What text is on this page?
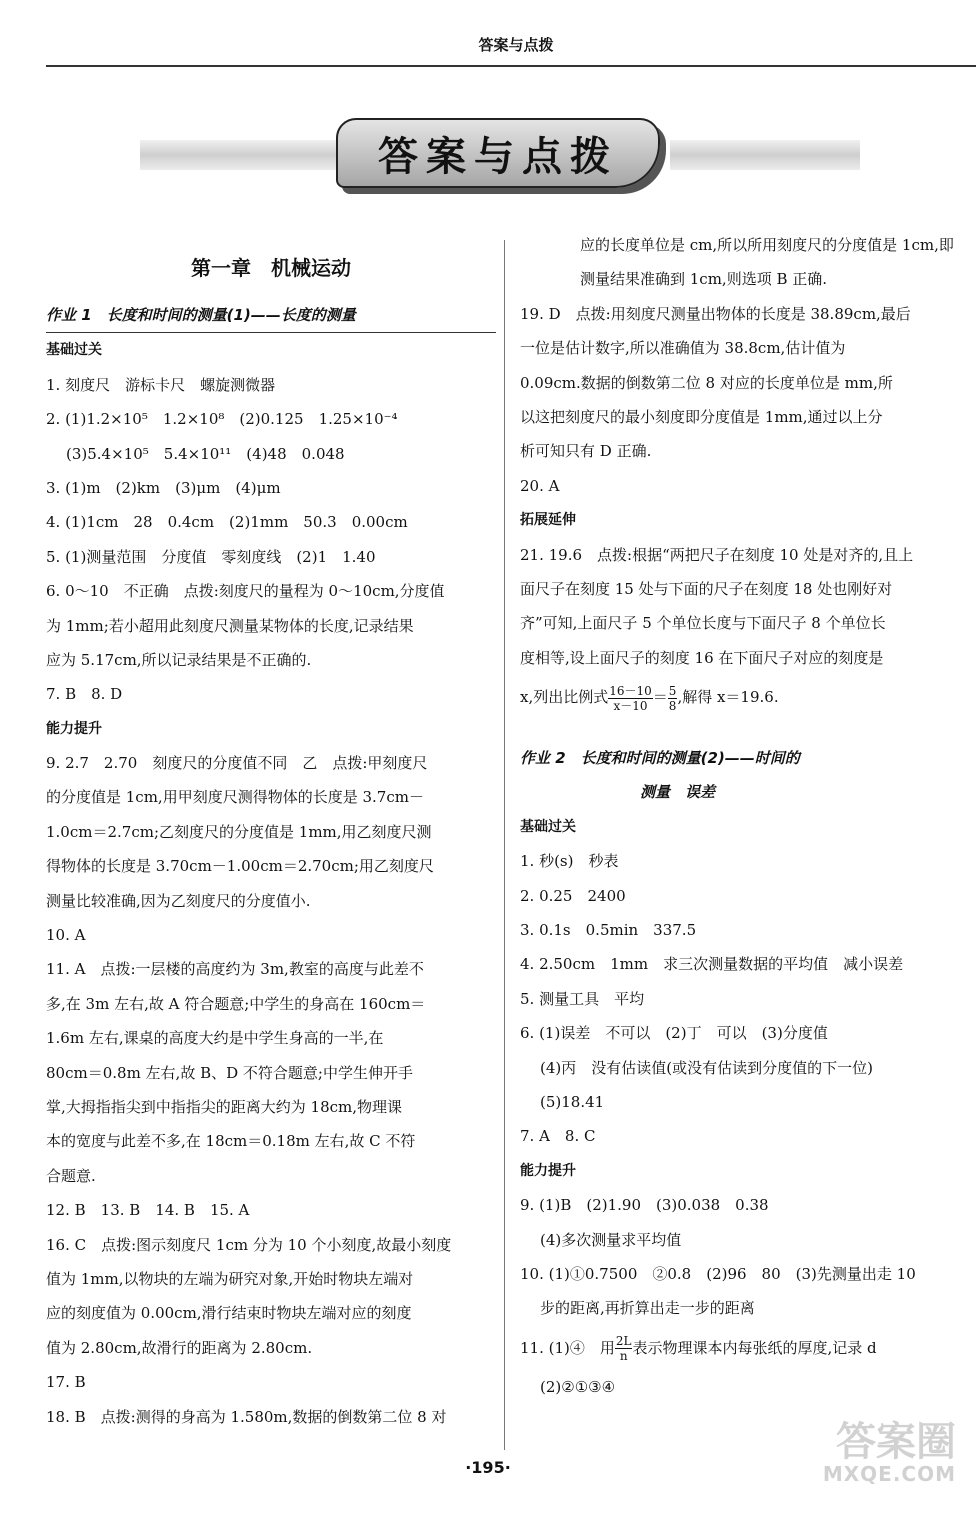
答案与点拨
答案与点拨
第一章　机械运动
作业 1　长度和时间的测量(1)——长度的测量
基础过关
1. 刻度尺　游标卡尺　螺旋测微器
2. (1)1.2×10⁵　1.2×10⁸　(2)0.125　1.25×10⁻⁴
(3)5.4×10⁵　5.4×10¹¹　(4)48　0.048
3. (1)m　(2)km　(3)μm　(4)μm
4. (1)1cm　28　0.4cm　(2)1mm　50.3　0.00cm
5. (1)测量范围　分度值　零刻度线　(2)1　1.40
6. 0～10　不正确　点拨:刻度尺的量程为 0～10cm,分度值
为 1mm;若小超用此刻度尺测量某物体的长度,记录结果
应为 5.17cm,所以记录结果是不正确的.
7. B　8. D
能力提升
9. 2.7　2.70　刻度尺的分度值不同　乙　点拨:甲刻度尺
的分度值是 1cm,用甲刻度尺测得物体的长度是 3.7cm－
1.0cm＝2.7cm;乙刻度尺的分度值是 1mm,用乙刻度尺测
得物体的长度是 3.70cm－1.00cm＝2.70cm;用乙刻度尺
测量比较准确,因为乙刻度尺的分度值小.
10. A
11. A　点拨:一层楼的高度约为 3m,教室的高度与此差不
多,在 3m 左右,故 A 符合题意;中学生的身高在 160cm＝
1.6m 左右,课桌的高度大约是中学生身高的一半,在
80cm＝0.8m 左右,故 B、D 不符合题意;中学生伸开手
掌,大拇指指尖到中指指尖的距离大约为 18cm,物理课
本的宽度与此差不多,在 18cm＝0.18m 左右,故 C 不符
合题意.
12. B　13. B　14. B　15. A
16. C　点拨:图示刻度尺 1cm 分为 10 个小刻度,故最小刻度
值为 1mm,以物块的左端为研究对象,开始时物块左端对
应的刻度值为 0.00cm,滑行结束时物块左端对应的刻度
值为 2.80cm,故滑行的距离为 2.80cm.
17. B
18. B　点拨:测得的身高为 1.580m,数据的倒数第二位 8 对
应的长度单位是 cm,所以所用刻度尺的分度值是 1cm,即
测量结果准确到 1cm,则选项 B 正确.
19. D　点拨:用刻度尺测量出物体的长度是 38.89cm,最后
一位是估计数字,所以准确值为 38.8cm,估计值为
0.09cm.数据的倒数第二位 8 对应的长度单位是 mm,所
以这把刻度尺的最小刻度即分度值是 1mm,通过以上分
析可知只有 D 正确.
20. A
拓展延伸
21. 19.6　点拨:根据“两把尺子在刻度 10 处是对齐的,且上
面尺子在刻度 15 处与下面的尺子在刻度 18 处也刚好对
齐”可知,上面尺子 5 个单位长度与下面尺子 8 个单位长
度相等,设上面尺子的刻度 16 在下面尺子对应的刻度是
x,列出比例式 $\frac{16-10}{x-10} = \frac{5}{8}$ ,解得 x＝19.6.
作业 2　长度和时间的测量(2)——时间的
测量　误差
基础过关
1. 秒(s)　秒表
2. 0.25　2400
3. 0.1s　0.5min　337.5
4. 2.50cm　1mm　求三次测量数据的平均值　减小误差
5. 测量工具　平均
6. (1)误差　不可以　(2)丁　可以　(3)分度值
(4)丙　没有估读值(或没有估读到分度值的下一位)
(5)18.41
7. A　8. C
能力提升
9. (1)B　(2)1.90　(3)0.038　0.38
(4)多次测量求平均值
10. (1)①0.7500　②0.8　(2)96　80　(3)先测量出走 10
步的距离,再折算出走一步的距离
11. (1)④　用 $\frac{2L}{n}$ 表示物理课本内每张纸的厚度,记录 d
(2)②①③④
·195·
答案圈
MXQE.COM
